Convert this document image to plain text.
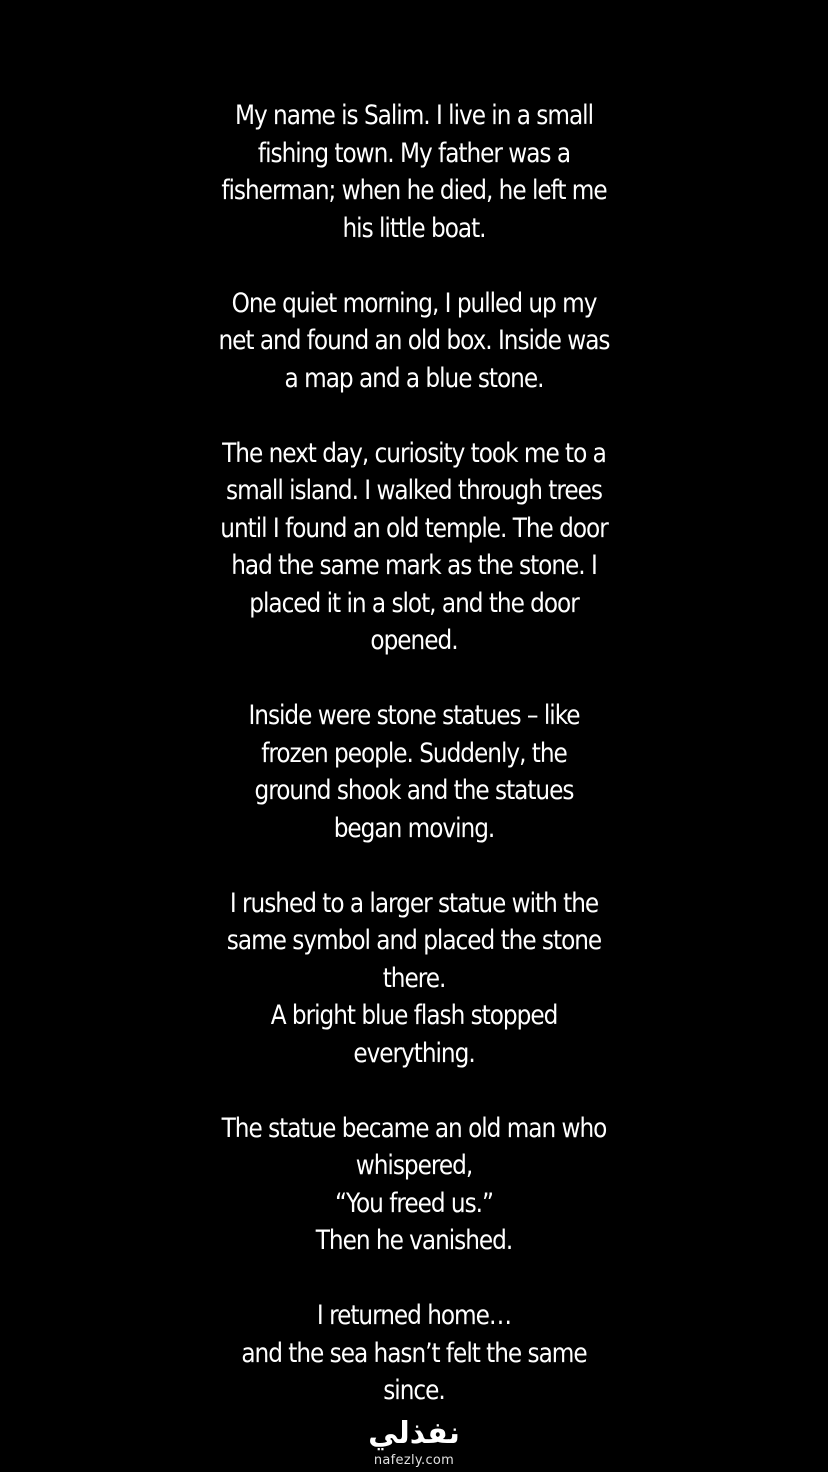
My name is Salim. I live in a small
fishing town. My father was a
fisherman; when he died, he left me
his little boat.
One quiet morning, I pulled up my
net and found an old box. Inside was
a map and a blue stone.
The next day, curiosity took me to a
small island. I walked through trees
until I found an old temple. The door
had the same mark as the stone. I
placed it in a slot, and the door
opened.
Inside were stone statues – like
frozen people. Suddenly, the
ground shook and the statues
began moving.
I rushed to a larger statue with the
same symbol and placed the stone
there.
A bright blue flash stopped
everything.
The statue became an old man who
whispered,
“You freed us.”
Then he vanished.
I returned home…
and the sea hasn’t felt the same
since.
نفذلي
nafezly.com
